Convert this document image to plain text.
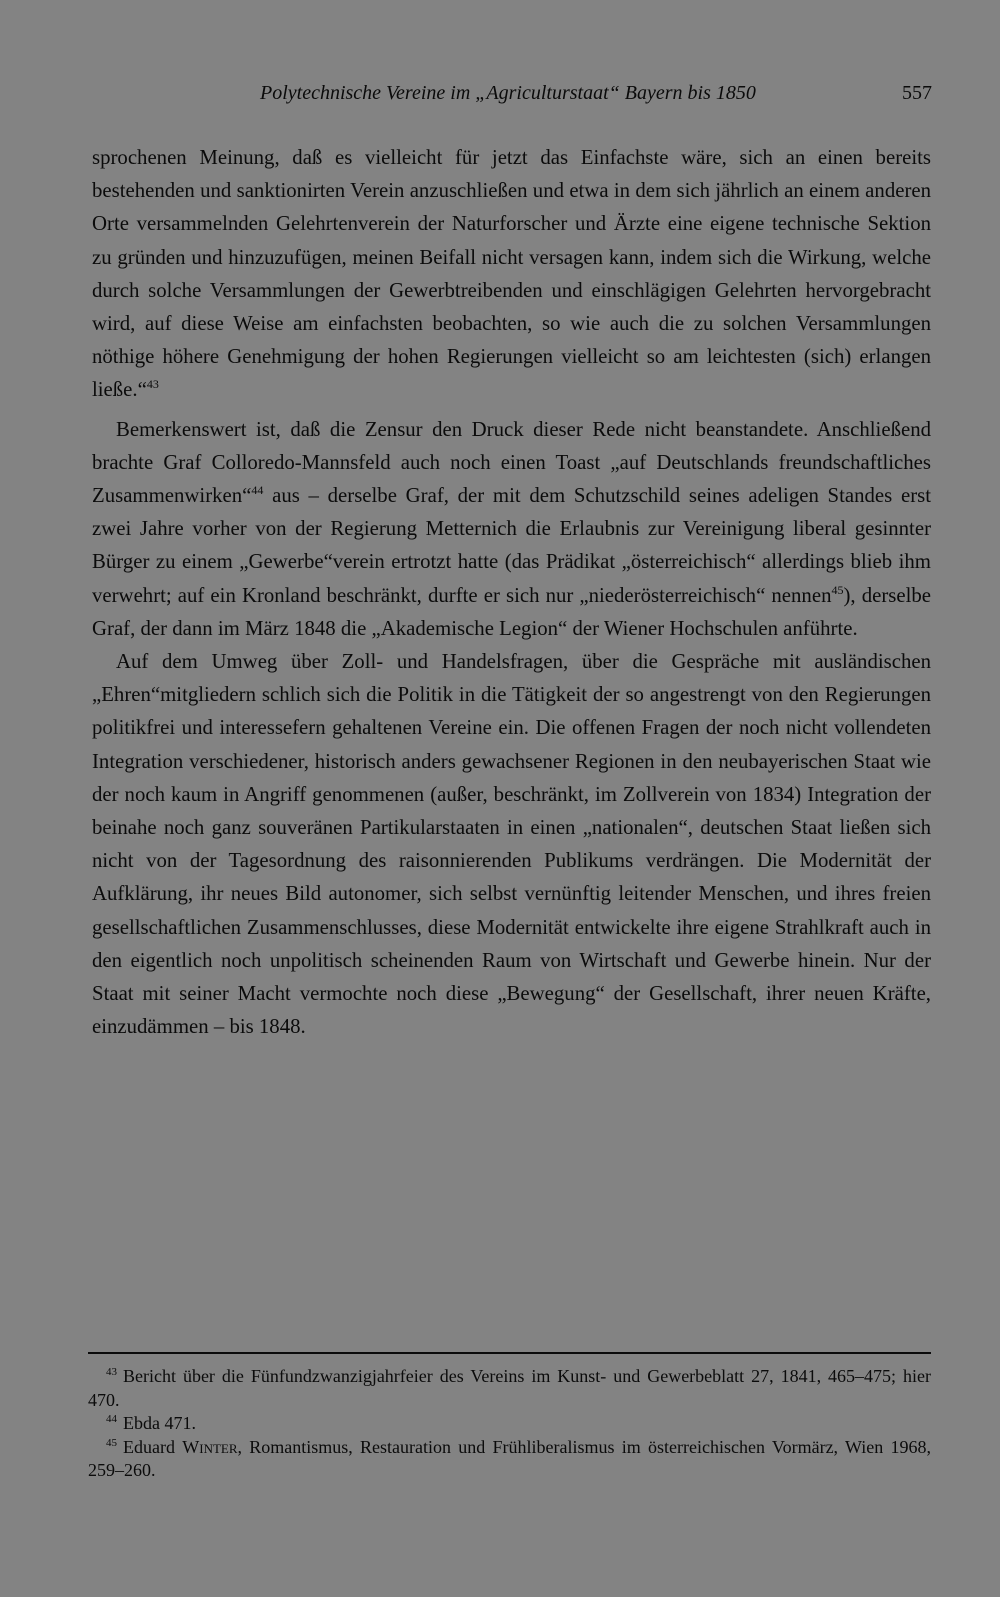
Polytechnische Vereine im „Agriculturstaat“ Bayern bis 1850	557

sprochenen Meinung, daß es vielleicht für jetzt das Einfachste wäre, sich an einen bereits bestehenden und sanktionirten Verein anzuschließen und etwa in dem sich jährlich an einem anderen Orte versammelnden Gelehrtenverein der Naturforscher und Ärzte eine eigene technische Sektion zu gründen und hinzuzufügen, meinen Beifall nicht versagen kann, indem sich die Wirkung, welche durch solche Versammlungen der Gewerbtreibenden und einschlägigen Gelehrten hervorgebracht wird, auf diese Weise am einfachsten beobachten, so wie auch die zu solchen Versammlungen nöthige höhere Genehmigung der hohen Regierungen vielleicht so am leichtesten (sich) erlangen ließe.“$^{43}$

Bemerkenswert ist, daß die Zensur den Druck dieser Rede nicht beanstandete. Anschließend brachte Graf Colloredo-Mannsfeld auch noch einen Toast „auf Deutschlands freundschaftliches Zusammenwirken“$^{44}$ aus – derselbe Graf, der mit dem Schutzschild seines adeligen Standes erst zwei Jahre vorher von der Regierung Metternich die Erlaubnis zur Vereinigung liberal gesinnter Bürger zu einem „Gewerbe“verein ertrotzt hatte (das Prädikat „österreichisch“ allerdings blieb ihm verwehrt; auf ein Kronland beschränkt, durfte er sich nur „niederösterreichisch“ nennen$^{45}$), derselbe Graf, der dann im März 1848 die „Akademische Legion“ der Wiener Hochschulen anführte.

Auf dem Umweg über Zoll- und Handelsfragen, über die Gespräche mit ausländischen „Ehren“mitgliedern schlich sich die Politik in die Tätigkeit der so angestrengt von den Regierungen politikfrei und interessefern gehaltenen Vereine ein. Die offenen Fragen der noch nicht vollendeten Integration verschiedener, historisch anders gewachsener Regionen in den neubayerischen Staat wie der noch kaum in Angriff genommenen (außer, beschränkt, im Zollverein von 1834) Integration der beinahe noch ganz souveränen Partikularstaaten in einen „nationalen“, deutschen Staat ließen sich nicht von der Tagesordnung des raisonnierenden Publikums verdrängen. Die Modernität der Aufklärung, ihr neues Bild autonomer, sich selbst vernünftig leitender Menschen, und ihres freien gesellschaftlichen Zusammenschlusses, diese Modernität entwickelte ihre eigene Strahlkraft auch in den eigentlich noch unpolitisch scheinenden Raum von Wirtschaft und Gewerbe hinein. Nur der Staat mit seiner Macht vermochte noch diese „Bewegung“ der Gesellschaft, ihrer neuen Kräfte, einzudämmen – bis 1848.

$^{43}$ Bericht über die Fünfundzwanzigjahrfeier des Vereins im Kunst- und Gewerbeblatt 27, 1841, 465–475; hier 470.

$^{44}$ Ebda 471.

$^{45}$ Eduard Winter, Romantismus, Restauration und Frühliberalismus im österreichischen Vormärz, Wien 1968, 259–260.
